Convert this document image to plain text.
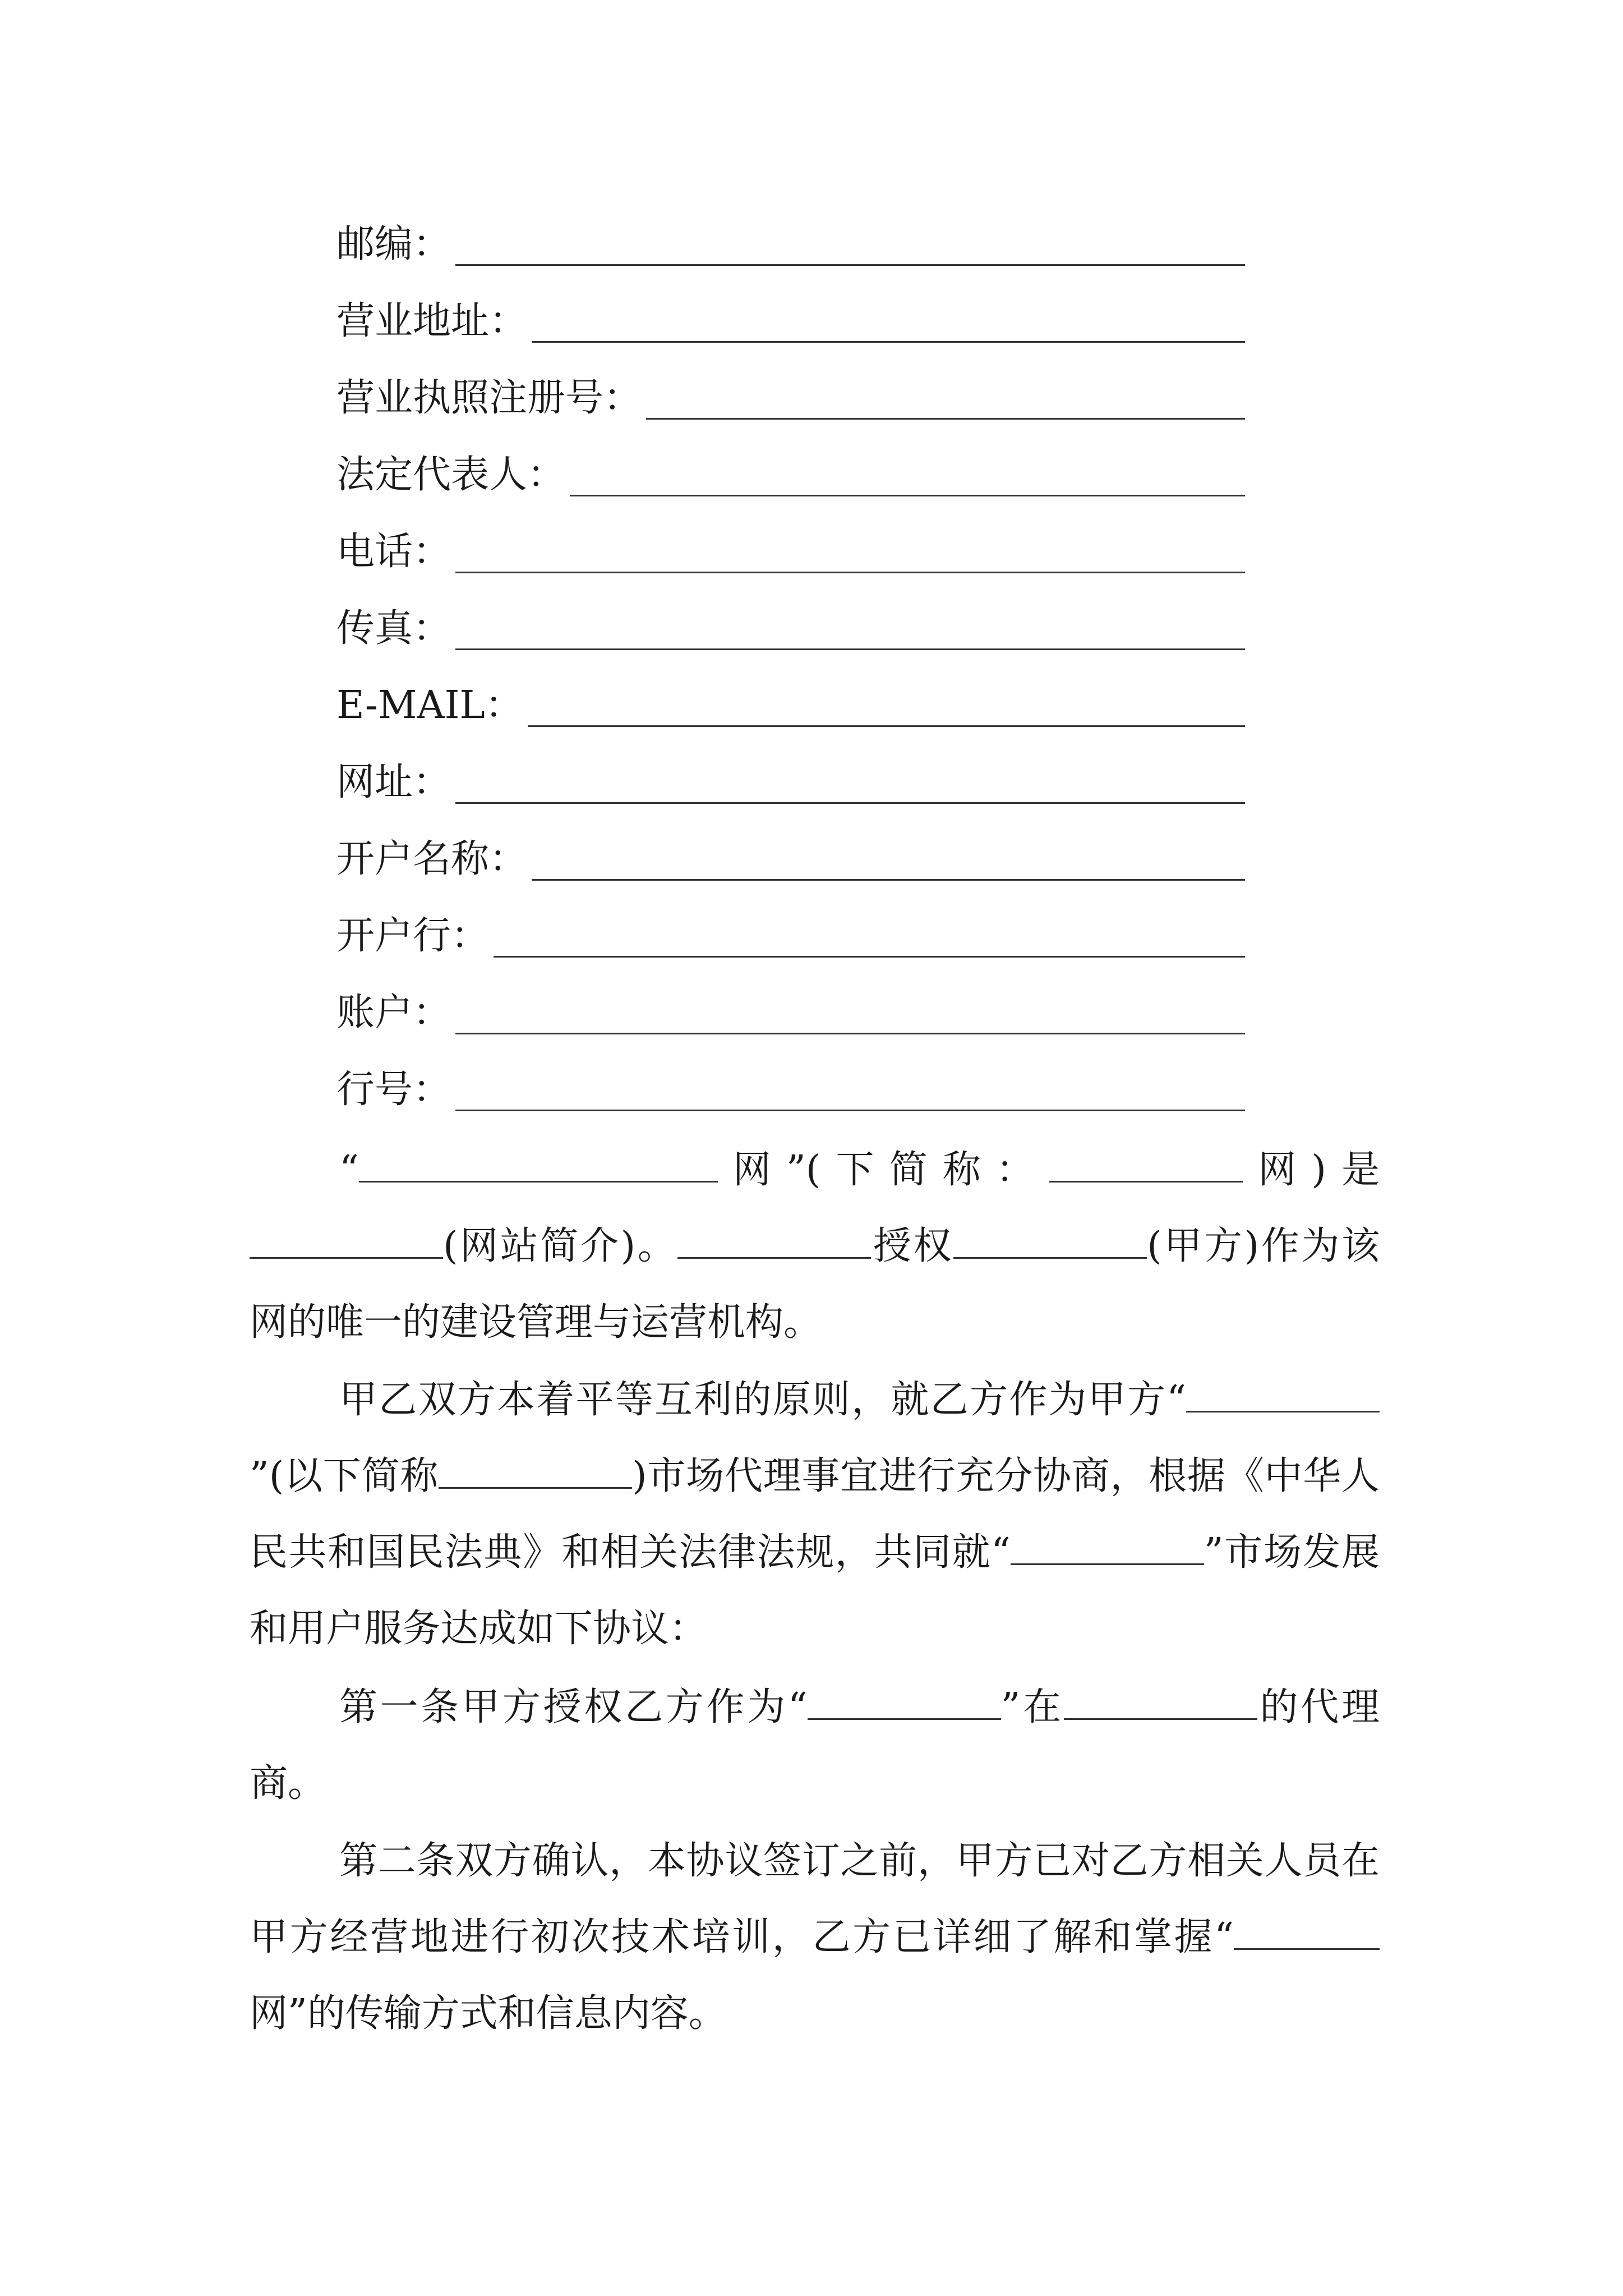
邮编：
营业地址：
营业执照注册号：
法定代表人：
电话：
传真：
E-MAIL：
网址：
开户名称：
开户行：
账户：
行号：

“	网”(下简称：	网)是(网站简介)。	授权	(甲方)作为该网的唯一的建设管理与运营机构。

甲乙双方本着平等互利的原则，就乙方作为甲方“”(以下简称	)市场代理事宜进行充分协商，根据《中华人民共和国民法典》和相关法律法规，共同就“	”市场发展和用户服务达成如下协议：

第一条甲方授权乙方作为“	”在	的代理商。

第二条双方确认，本协议签订之前，甲方已对乙方相关人员在甲方经营地进行初次技术培训，乙方已详细了解和掌握“网”的传输方式和信息内容。
